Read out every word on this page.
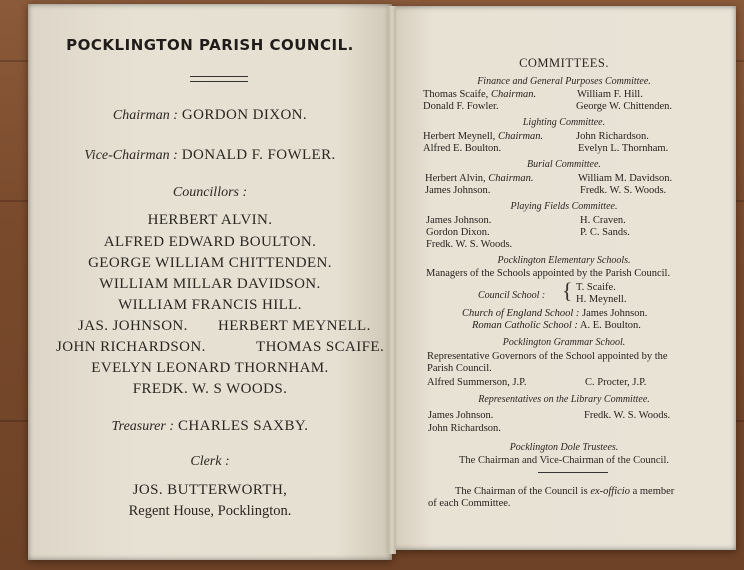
POCKLINGTON PARISH COUNCIL.
Chairman : GORDON DIXON.
Vice-Chairman : DONALD F. FOWLER.
Councillors :
HERBERT ALVIN.
ALFRED EDWARD BOULTON.
GEORGE WILLIAM CHITTENDEN.
WILLIAM MILLAR DAVIDSON.
WILLIAM FRANCIS HILL.
JAS. JOHNSON. HERBERT MEYNELL.
JOHN RICHARDSON.	THOMAS SCAIFE.
EVELYN LEONARD THORNHAM.
FREDK. W. S WOODS.
Treasurer : CHARLES SAXBY.
Clerk :
JOS. BUTTERWORTH,
Regent House, Pocklington.
COMMITTEES.
Finance and General Purposes Committee.
Thomas Scaife, Chairman.	William F. Hill.
Donald F. Fowler.	George W. Chittenden.
Lighting Committee.
Herbert Meynell, Chairman.	John Richardson.
Alfred E. Boulton.	Evelyn L. Thornham.
Burial Committee.
Herbert Alvin, Chairman.	William M. Davidson.
James Johnson.	Fredk. W. S. Woods.
Playing Fields Committee.
James Johnson.	H. Craven.
Gordon Dixon.	P. C. Sands.
Fredk. W. S. Woods.
Pocklington Elementary Schools.
Managers of the Schools appointed by the Parish Council.
Council School : { T. Scaife.
H. Meynell.
Church of England School : James Johnson.
Roman Catholic School : A. E. Boulton.
Pocklington Grammar School.
Representative Governors of the School appointed by the
Parish Council.
Alfred Summerson, J.P.	C. Procter, J.P.
Representatives on the Library Committee.
James Johnson.	Fredk. W. S. Woods.
John Richardson.
Pocklington Dole Trustees.
The Chairman and Vice-Chairman of the Council.
The Chairman of the Council is ex-officio a member
of each Committee.
